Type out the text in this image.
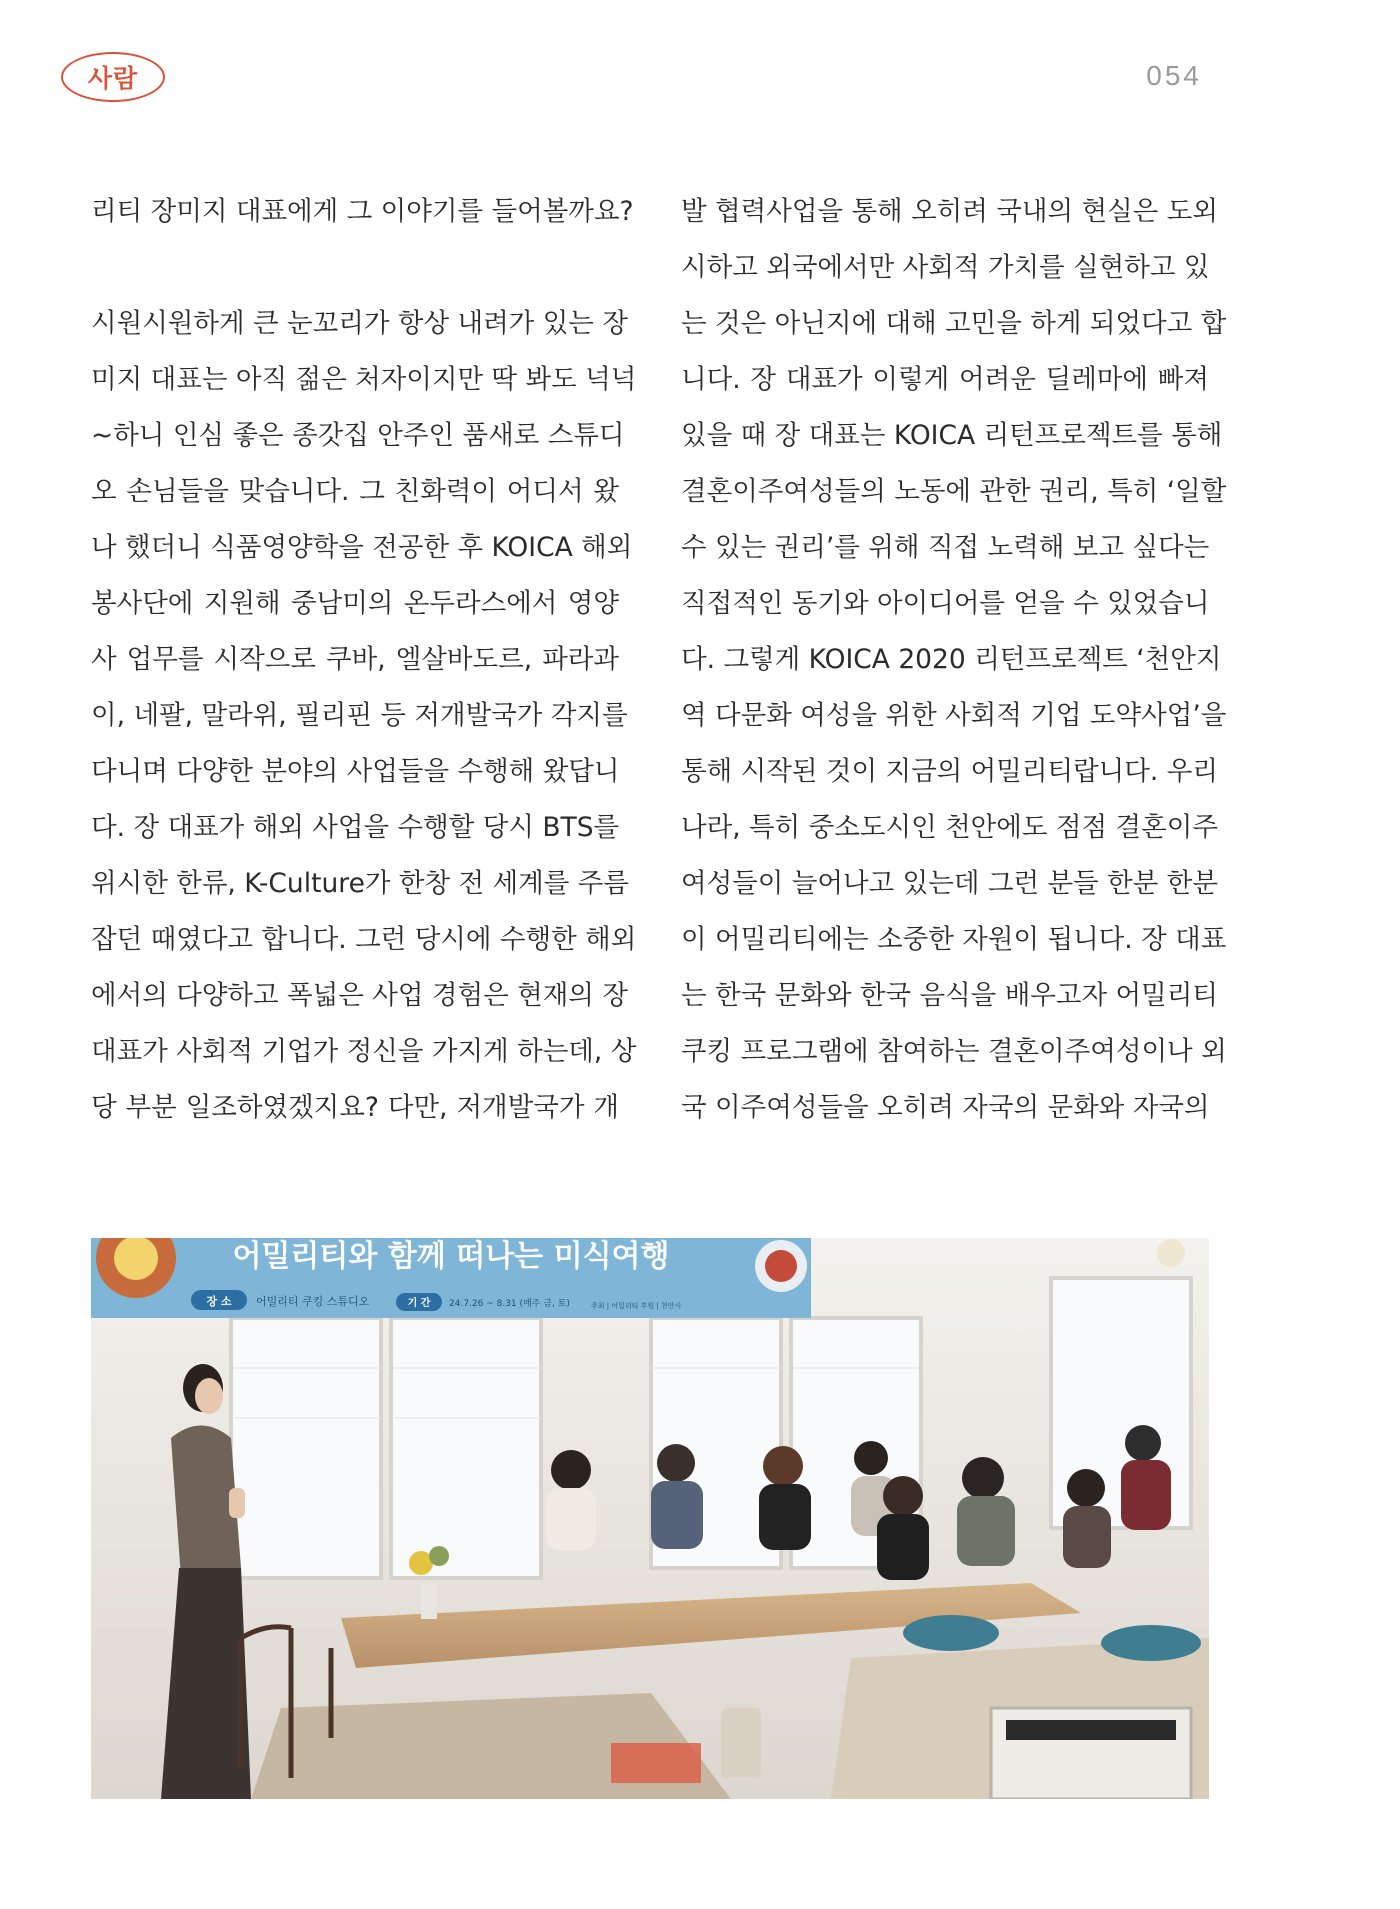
사람	054

리티 장미지 대표에게 그 이야기를 들어볼까요?

시원시원하게 큰 눈꼬리가 항상 내려가 있는 장
미지 대표는 아직 젊은 처자이지만 딱 봐도 넉넉
~하니 인심 좋은 종갓집 안주인 품새로 스튜디
오 손님들을 맞습니다. 그 친화력이 어디서 왔
나 했더니 식품영양학을 전공한 후 KOICA 해외
봉사단에 지원해 중남미의 온두라스에서 영양
사 업무를 시작으로 쿠바, 엘살바도르, 파라과
이, 네팔, 말라위, 필리핀 등 저개발국가 각지를
다니며 다양한 분야의 사업들을 수행해 왔답니
다. 장 대표가 해외 사업을 수행할 당시 BTS를
위시한 한류, K-Culture가 한창 전 세계를 주름
잡던 때였다고 합니다. 그런 당시에 수행한 해외
에서의 다양하고 폭넓은 사업 경험은 현재의 장
대표가 사회적 기업가 정신을 가지게 하는데, 상
당 부분 일조하였겠지요? 다만, 저개발국가 개

발 협력사업을 통해 오히려 국내의 현실은 도외
시하고 외국에서만 사회적 가치를 실현하고 있
는 것은 아닌지에 대해 고민을 하게 되었다고 합
니다. 장 대표가 이렇게 어려운 딜레마에 빠져
있을 때 장 대표는 KOICA 리턴프로젝트를 통해
결혼이주여성들의 노동에 관한 권리, 특히 ‘일할
수 있는 권리’를 위해 직접 노력해 보고 싶다는
직접적인 동기와 아이디어를 얻을 수 있었습니
다. 그렇게 KOICA 2020 리턴프로젝트 ‘천안지
역 다문화 여성을 위한 사회적 기업 도약사업’을
통해 시작된 것이 지금의 어밀리티랍니다. 우리
나라, 특히 중소도시인 천안에도 점점 결혼이주
여성들이 늘어나고 있는데 그런 분들 한분 한분
이 어밀리티에는 소중한 자원이 됩니다. 장 대표
는 한국 문화와 한국 음식을 배우고자 어밀리티
쿠킹 프로그램에 참여하는 결혼이주여성이나 외
국 이주여성들을 오히려 자국의 문화와 자국의

어밀리티와 함께 떠나는 미식여행
장 소 어밀리티 쿠킹 스튜디오	기 간 24.7.26 ~ 8.31 (매주 금, 토)	주최 | 어밀리티 후원 | 천안시
